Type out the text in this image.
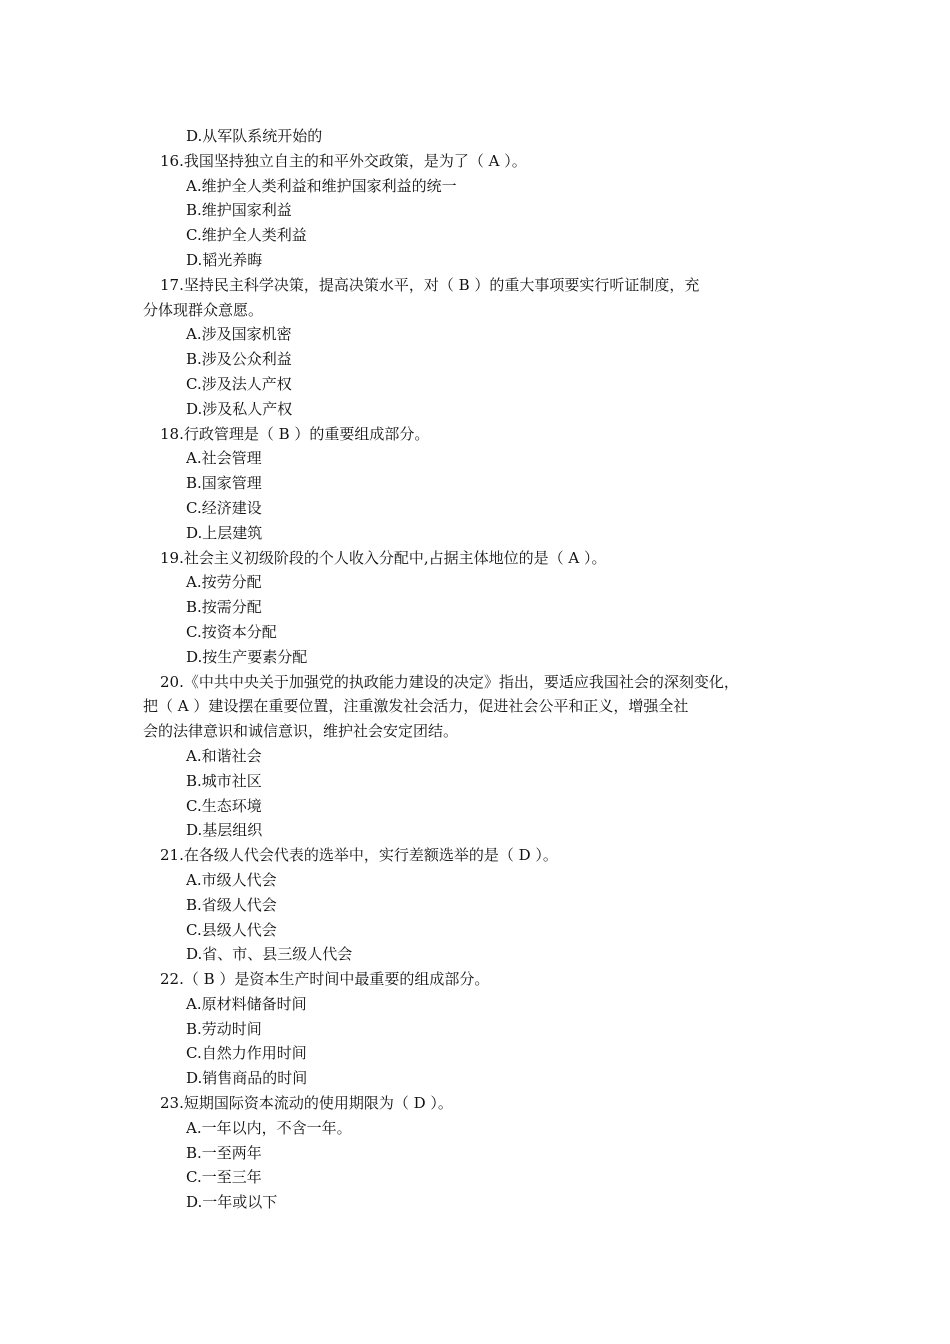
D.从军队系统开始的
16.我国坚持独立自主的和平外交政策，是为了（ A ）。
A.维护全人类利益和维护国家利益的统一
B.维护国家利益
C.维护全人类利益
D.韬光养晦
17.坚持民主科学决策，提高决策水平，对（ B ）的重大事项要实行听证制度，充
分体现群众意愿。
A.涉及国家机密
B.涉及公众利益
C.涉及法人产权
D.涉及私人产权
18.行政管理是（ B ）的重要组成部分。
A.社会管理
B.国家管理
C.经济建设
D.上层建筑
19.社会主义初级阶段的个人收入分配中,占据主体地位的是（ A ）。
A.按劳分配
B.按需分配
C.按资本分配
D.按生产要素分配
20.《中共中央关于加强党的执政能力建设的决定》指出，要适应我国社会的深刻变化，
把（ A ）建设摆在重要位置，注重激发社会活力，促进社会公平和正义，增强全社
会的法律意识和诚信意识，维护社会安定团结。
A.和谐社会
B.城市社区
C.生态环境
D.基层组织
21.在各级人代会代表的选举中，实行差额选举的是（ D ）。
A.市级人代会
B.省级人代会
C.县级人代会
D.省、市、县三级人代会
22.（ B ）是资本生产时间中最重要的组成部分。
A.原材料储备时间
B.劳动时间
C.自然力作用时间
D.销售商品的时间
23.短期国际资本流动的使用期限为（ D ）。
A.一年以内，不含一年。
B.一至两年
C.一至三年
D.一年或以下
